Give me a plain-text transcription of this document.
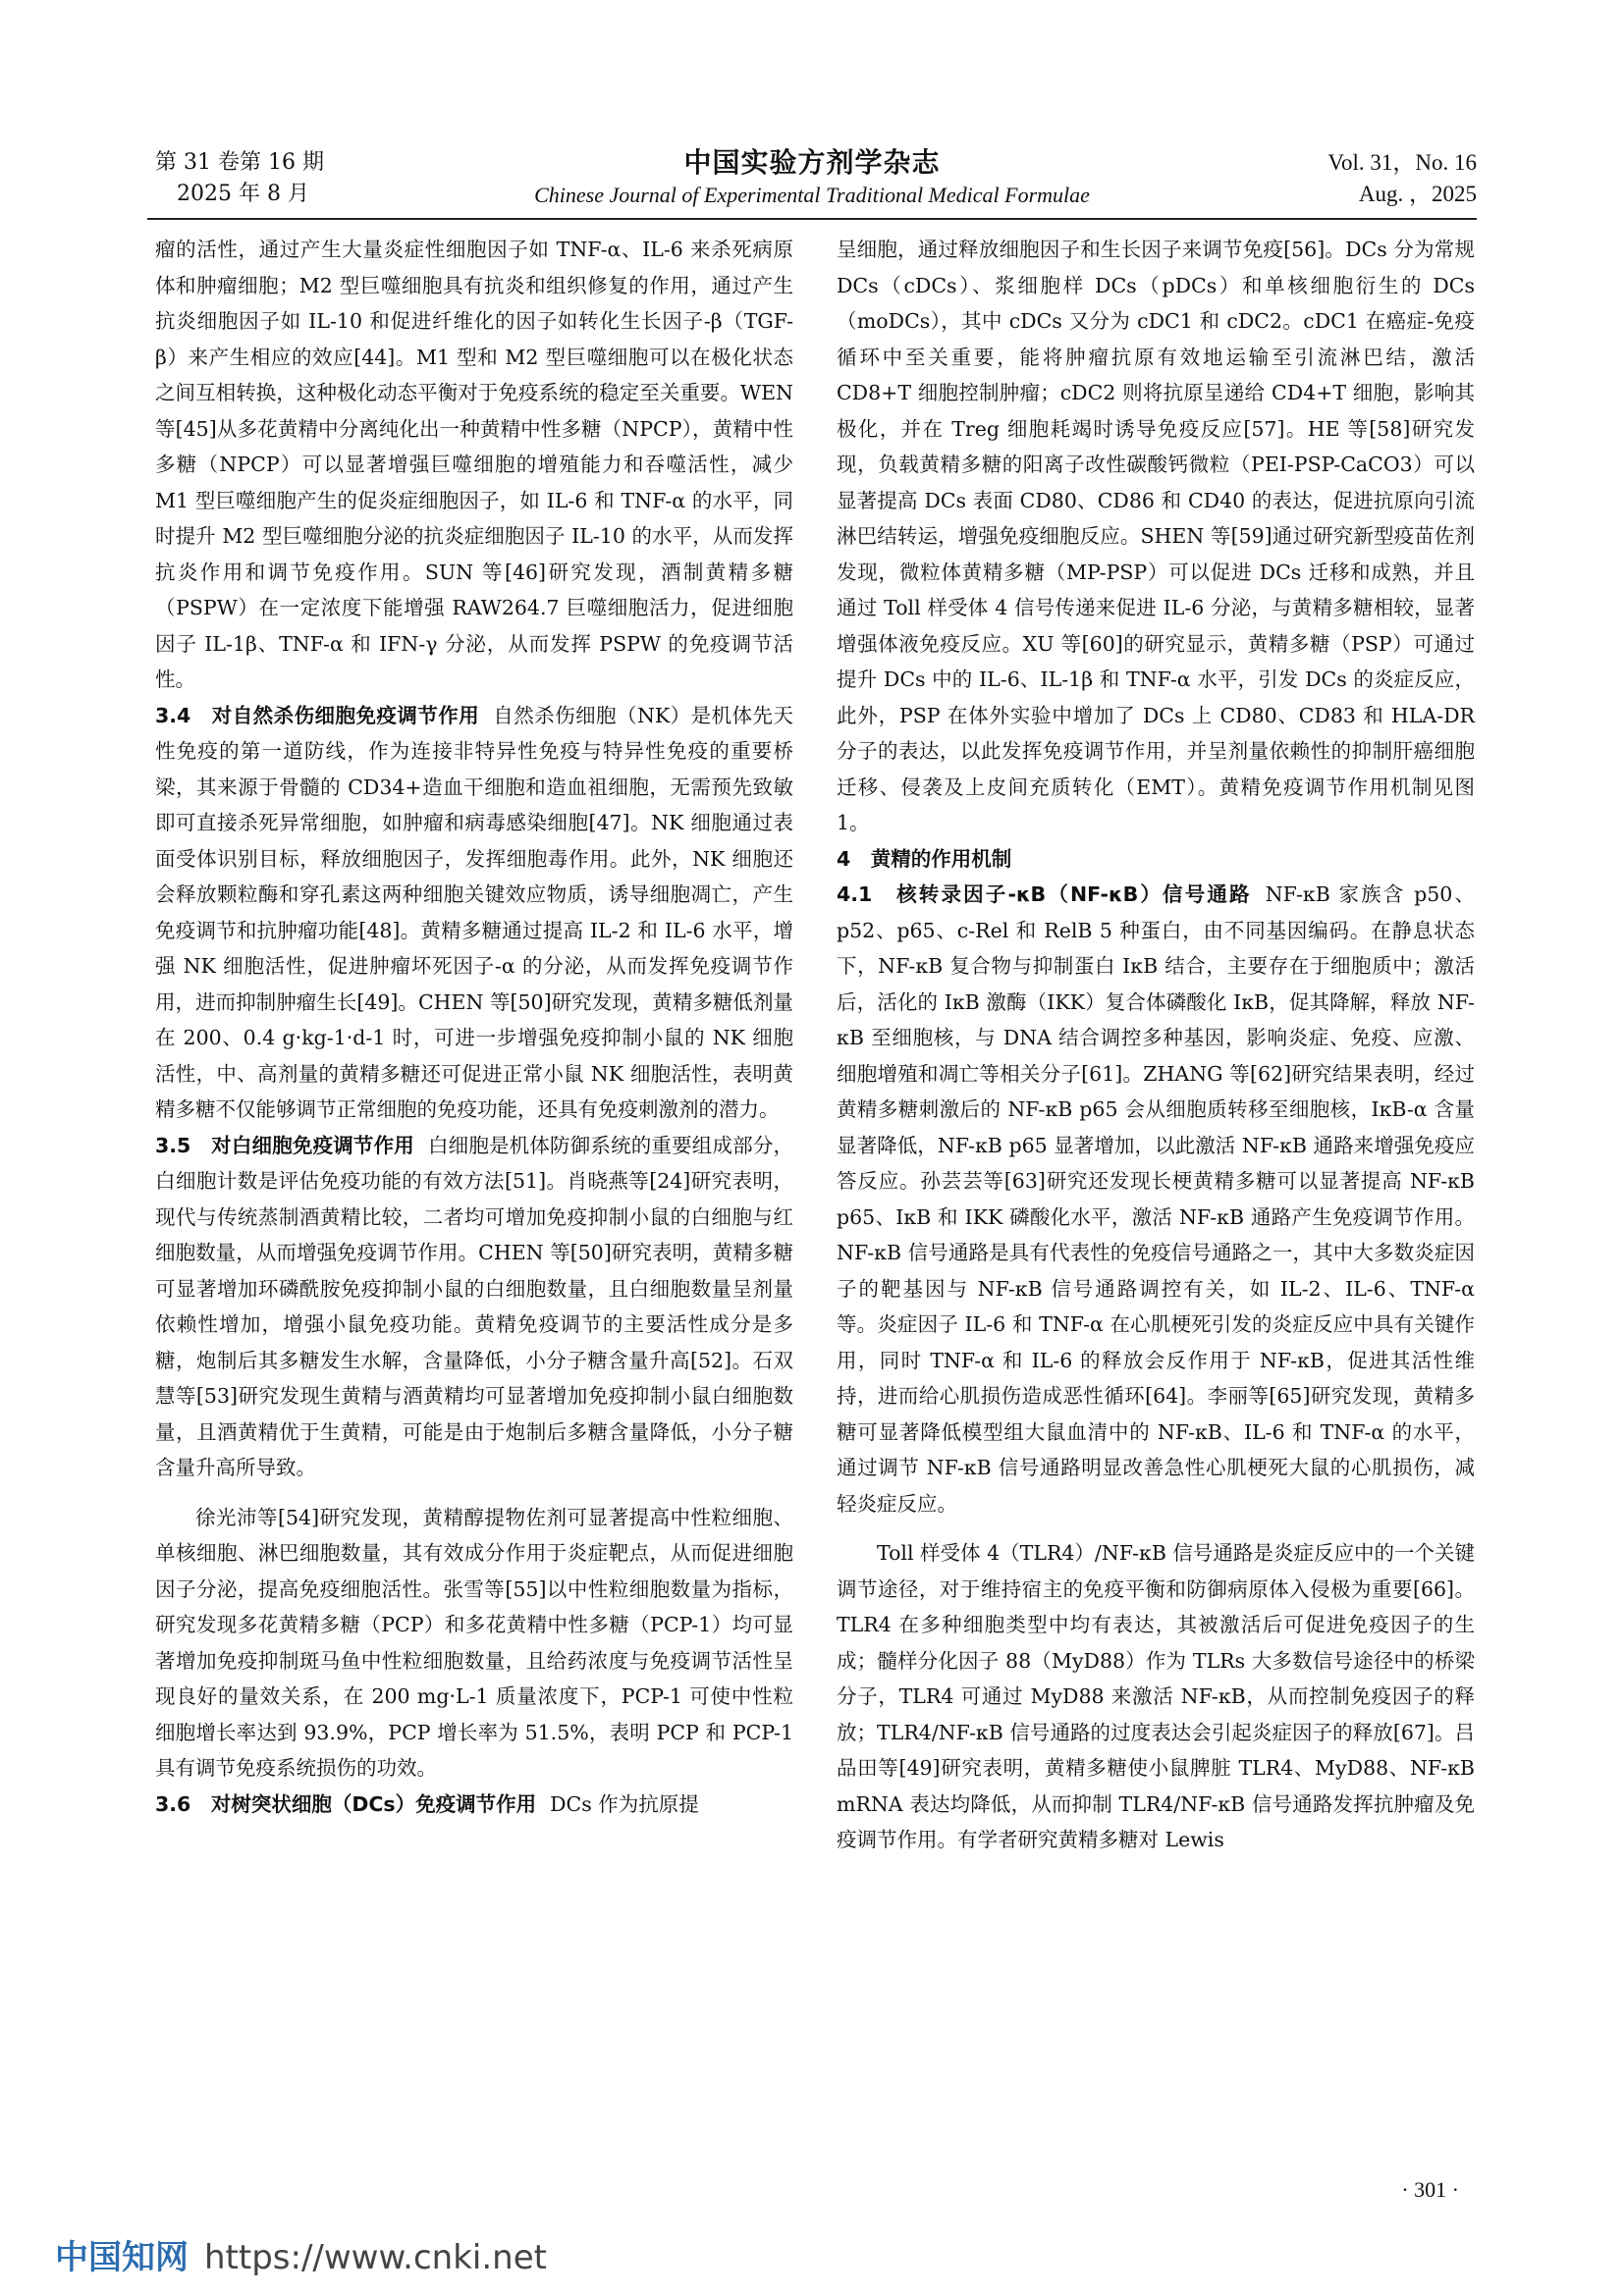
第 31 卷第 16 期
2025 年 8 月
中国实验方剂学杂志
Chinese Journal of Experimental Traditional Medical Formulae
Vol. 31，No. 16
Aug. ，2025

瘤的活性，通过产生大量炎症性细胞因子如 TNF-α、IL-6 来杀死病原体和肿瘤细胞；M2 型巨噬细胞具有抗炎和组织修复的作用，通过产生抗炎细胞因子如 IL-10 和促进纤维化的因子如转化生长因子-β（TGF-β）来产生相应的效应[44]。M1 型和 M2 型巨噬细胞可以在极化状态之间互相转换，这种极化动态平衡对于免疫系统的稳定至关重要。WEN 等[45]从多花黄精中分离纯化出一种黄精中性多糖（NPCP），黄精中性多糖（NPCP）可以显著增强巨噬细胞的增殖能力和吞噬活性，减少 M1 型巨噬细胞产生的促炎症细胞因子，如 IL-6 和 TNF-α 的水平，同时提升 M2 型巨噬细胞分泌的抗炎症细胞因子 IL-10 的水平，从而发挥抗炎作用和调节免疫作用。SUN 等[46]研究发现，酒制黄精多糖（PSPW）在一定浓度下能增强 RAW264.7 巨噬细胞活力，促进细胞因子 IL-1β、TNF-α 和 IFN-γ 分泌，从而发挥 PSPW 的免疫调节活性。

3.4　对自然杀伤细胞免疫调节作用 自然杀伤细胞（NK）是机体先天性免疫的第一道防线，作为连接非特异性免疫与特异性免疫的重要桥梁，其来源于骨髓的 CD34+造血干细胞和造血祖细胞，无需预先致敏即可直接杀死异常细胞，如肿瘤和病毒感染细胞[47]。NK 细胞通过表面受体识别目标，释放细胞因子，发挥细胞毒作用。此外，NK 细胞还会释放颗粒酶和穿孔素这两种细胞关键效应物质，诱导细胞凋亡，产生免疫调节和抗肿瘤功能[48]。黄精多糖通过提高 IL-2 和 IL-6 水平，增强 NK 细胞活性，促进肿瘤坏死因子-α 的分泌，从而发挥免疫调节作用，进而抑制肿瘤生长[49]。CHEN 等[50]研究发现，黄精多糖低剂量在 200、0.4 g·kg-1·d-1 时，可进一步增强免疫抑制小鼠的 NK 细胞活性，中、高剂量的黄精多糖还可促进正常小鼠 NK 细胞活性，表明黄精多糖不仅能够调节正常细胞的免疫功能，还具有免疫刺激剂的潜力。

3.5　对白细胞免疫调节作用 白细胞是机体防御系统的重要组成部分，白细胞计数是评估免疫功能的有效方法[51]。肖晓燕等[24]研究表明，现代与传统蒸制酒黄精比较，二者均可增加免疫抑制小鼠的白细胞与红细胞数量，从而增强免疫调节作用。CHEN 等[50]研究表明，黄精多糖可显著增加环磷酰胺免疫抑制小鼠的白细胞数量，且白细胞数量呈剂量依赖性增加，增强小鼠免疫功能。黄精免疫调节的主要活性成分是多糖，炮制后其多糖发生水解，含量降低，小分子糖含量升高[52]。石双慧等[53]研究发现生黄精与酒黄精均可显著增加免疫抑制小鼠白细胞数量，且酒黄精优于生黄精，可能是由于炮制后多糖含量降低，小分子糖含量升高所导致。

徐光沛等[54]研究发现，黄精醇提物佐剂可显著提高中性粒细胞、单核细胞、淋巴细胞数量，其有效成分作用于炎症靶点，从而促进细胞因子分泌，提高免疫细胞活性。张雪等[55]以中性粒细胞数量为指标，研究发现多花黄精多糖（PCP）和多花黄精中性多糖（PCP-1）均可显著增加免疫抑制斑马鱼中性粒细胞数量，且给药浓度与免疫调节活性呈现良好的量效关系，在 200 mg·L-1 质量浓度下，PCP-1 可使中性粒细胞增长率达到 93.9%，PCP 增长率为 51.5%，表明 PCP 和 PCP-1 具有调节免疫系统损伤的功效。

3.6　对树突状细胞（DCs）免疫调节作用 DCs 作为抗原提

呈细胞，通过释放细胞因子和生长因子来调节免疫[56]。DCs 分为常规 DCs（cDCs）、浆细胞样 DCs（pDCs）和单核细胞衍生的 DCs（moDCs），其中 cDCs 又分为 cDC1 和 cDC2。cDC1 在癌症-免疫循环中至关重要，能将肿瘤抗原有效地运输至引流淋巴结，激活 CD8+T 细胞控制肿瘤；cDC2 则将抗原呈递给 CD4+T 细胞，影响其极化，并在 Treg 细胞耗竭时诱导免疫反应[57]。HE 等[58]研究发现，负载黄精多糖的阳离子改性碳酸钙微粒（PEI-PSP-CaCO3）可以显著提高 DCs 表面 CD80、CD86 和 CD40 的表达，促进抗原向引流淋巴结转运，增强免疫细胞反应。SHEN 等[59]通过研究新型疫苗佐剂发现，微粒体黄精多糖（MP-PSP）可以促进 DCs 迁移和成熟，并且通过 Toll 样受体 4 信号传递来促进 IL-6 分泌，与黄精多糖相较，显著增强体液免疫反应。XU 等[60]的研究显示，黄精多糖（PSP）可通过提升 DCs 中的 IL-6、IL-1β 和 TNF-α 水平，引发 DCs 的炎症反应，此外，PSP 在体外实验中增加了 DCs 上 CD80、CD83 和 HLA-DR 分子的表达，以此发挥免疫调节作用，并呈剂量依赖性的抑制肝癌细胞迁移、侵袭及上皮间充质转化（EMT）。黄精免疫调节作用机制见图 1。

4　黄精的作用机制

4.1　核转录因子-κB（NF-κB）信号通路 NF-κB 家族含 p50、p52、p65、c-Rel 和 RelB 5 种蛋白，由不同基因编码。在静息状态下，NF-κB 复合物与抑制蛋白 IκB 结合，主要存在于细胞质中；激活后，活化的 IκB 激酶（IKK）复合体磷酸化 IκB，促其降解，释放 NF-κB 至细胞核，与 DNA 结合调控多种基因，影响炎症、免疫、应激、细胞增殖和凋亡等相关分子[61]。ZHANG 等[62]研究结果表明，经过黄精多糖刺激后的 NF-κB p65 会从细胞质转移至细胞核，IκB-α 含量显著降低，NF-κB p65 显著增加，以此激活 NF-κB 通路来增强免疫应答反应。孙芸芸等[63]研究还发现长梗黄精多糖可以显著提高 NF-κB p65、IκB 和 IKK 磷酸化水平，激活 NF-κB 通路产生免疫调节作用。NF-κB 信号通路是具有代表性的免疫信号通路之一，其中大多数炎症因子的靶基因与 NF-κB 信号通路调控有关，如 IL-2、IL-6、TNF-α 等。炎症因子 IL-6 和 TNF-α 在心肌梗死引发的炎症反应中具有关键作用，同时 TNF-α 和 IL-6 的释放会反作用于 NF-κB，促进其活性维持，进而给心肌损伤造成恶性循环[64]。李丽等[65]研究发现，黄精多糖可显著降低模型组大鼠血清中的 NF-κB、IL-6 和 TNF-α 的水平，通过调节 NF-κB 信号通路明显改善急性心肌梗死大鼠的心肌损伤，减轻炎症反应。

Toll 样受体 4（TLR4）/NF-κB 信号通路是炎症反应中的一个关键调节途径，对于维持宿主的免疫平衡和防御病原体入侵极为重要[66]。TLR4 在多种细胞类型中均有表达，其被激活后可促进免疫因子的生成；髓样分化因子 88（MyD88）作为 TLRs 大多数信号途径中的桥梁分子，TLR4 可通过 MyD88 来激活 NF-κB，从而控制免疫因子的释放；TLR4/NF-κB 信号通路的过度表达会引起炎症因子的释放[67]。吕品田等[49]研究表明，黄精多糖使小鼠脾脏 TLR4、MyD88、NF-κB mRNA 表达均降低，从而抑制 TLR4/NF-κB 信号通路发挥抗肿瘤及免疫调节作用。有学者研究黄精多糖对 Lewis

· 301 ·
中国知网 https://www.cnki.net
